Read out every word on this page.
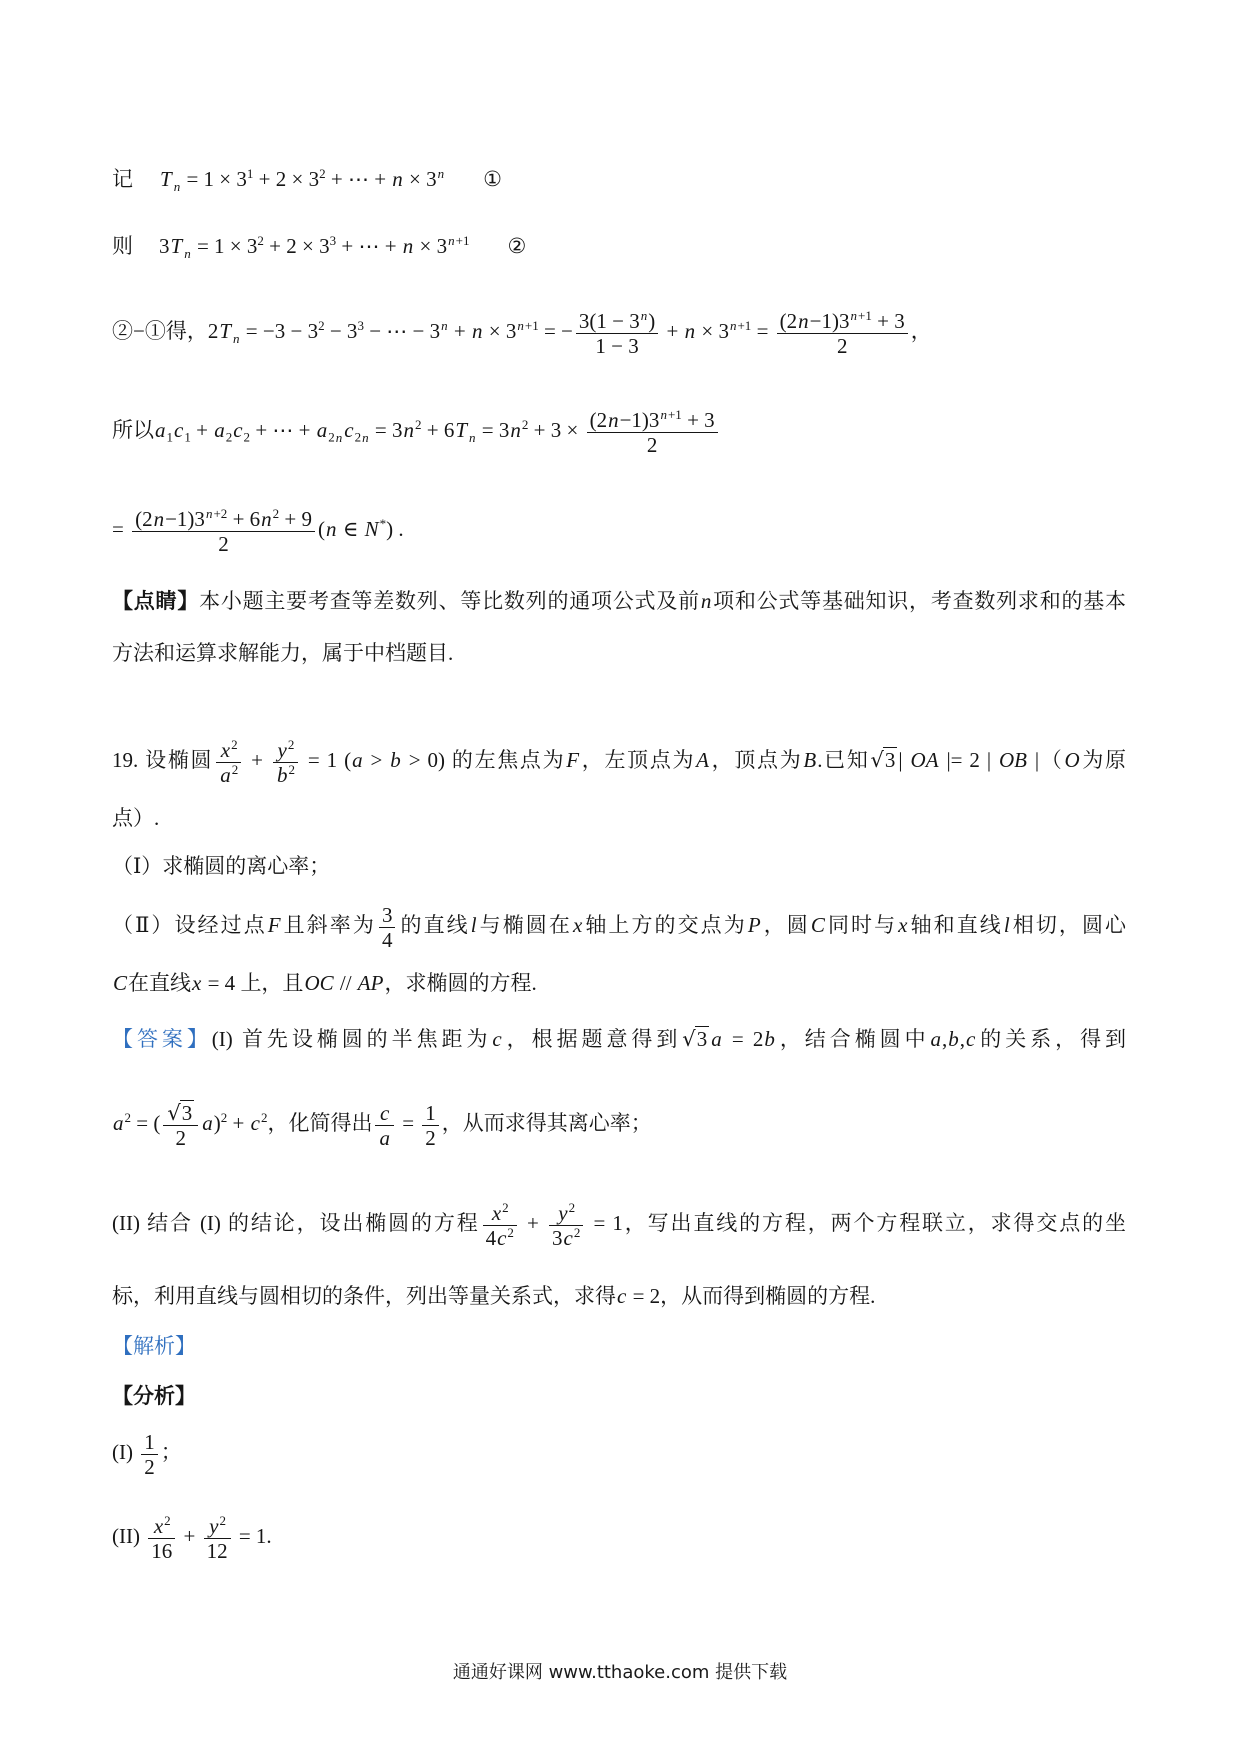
记 T $_n = 1 \times 3^1 + 2 \times 3^2$ + ⋯ + $n \times 3^n$ ①
则 3T $_n = 1 \times 3^2 + 2 \times 3^3$ + ⋯ + $n \times 3^{n+1}$ ②
②−①得，2T $_n = -3 - 3^2 - 3^3$ − ⋯ − $3^n + n \times 3^{n+1}$ = − $\frac{3(1 - 3^n)}{1 - 3} + n \times 3^{n+1} = \frac{(2n-1)3^{n+1} + 3}{2}$ ，
所以$a_1c_1 + a_2c_2$ + ⋯ + $a_{2n}c_{2n} = 3n^2 + 6T$ $_n = 3n^2 + 3 \times \frac{(2n-1)3^{n+1} + 3}{2}$
= $\frac{(2n-1)3^{n+2} + 6n^2 + 9}{2} (n$ ∈ N*) .
【点睛】本小题主要考查等差数列、等比数列的通项公式及前n项和公式等基础知识，考查数列求和的基本
方法和运算求解能力，属于中档题目.
19. 设椭圆 $\frac{x^2}{a^2} + \frac{y^2}{b^2} = 1$ (a > b > 0) 的左焦点为F，左顶点为A，顶点为B.已知√3 | OA |= 2 | OB |（O为原
点）.
（Ⅰ）求椭圆的离心率；
（Ⅱ）设经过点F且斜率为 $\frac{3}{4}$ 的直线l与椭圆在x轴上方的交点为P，圆C同时与x轴和直线l相切，圆心
C在直线x = 4 上，且OC // AP，求椭圆的方程.
【答案】(I) 首先设椭圆的半焦距为c，根据题意得到√3 a = 2b，结合椭圆中a,b,c的关系，得到
$a^2$ = ( $\frac{√3}{2} a)^2 + c^2$，化简得出 $\frac{c}{a} = \frac{1}{2}$ ，从而求得其离心率；
(II) 结合 (I) 的结论，设出椭圆的方程 $\frac{x^2}{4c^2} + \frac{y^2}{3c^2} = 1$，写出直线的方程，两个方程联立，求得交点的坐
标，利用直线与圆相切的条件，列出等量关系式，求得c = 2，从而得到椭圆的方程.
【解析】
【分析】
$(I) \frac{1}{2}$ ；
$(II) \frac{x^2}{16} + \frac{y^2}{12} = 1$.
通通好课网 www.tthaoke.com 提供下载
